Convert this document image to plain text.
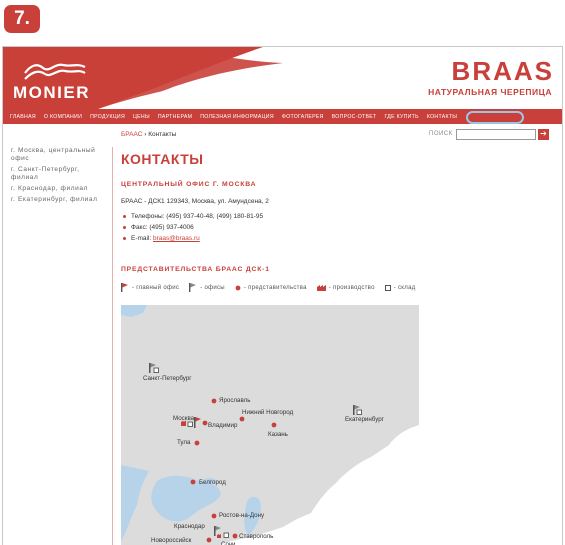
7.
MONIER
BRAAS
НАТУРАЛЬНАЯ ЧЕРЕПИЦА
ГЛАВНАЯ О КОМПАНИИ ПРОДУКЦИЯ ЦЕНЫ ПАРТНЕРАМ ПОЛЕЗНАЯ ИНФОРМАЦИЯ ФОТОГАЛЕРЕЯ ВОПРОС-ОТВЕТ ГДЕ КУПИТЬ КОНТАКТЫ
БРААС › Контакты	ПОИСК	➔
г. Москва, центральный офис
г. Санкт-Петербург, филиал
г. Краснодар, филиал
г. Екатеринбург, филиал
КОНТАКТЫ
ЦЕНТРАЛЬНЫЙ ОФИС Г. МОСКВА
БРААС - ДСК1 129343, Москва, ул. Амундсена, 2
Телефоны: (495) 937-40-48, (499) 180-81-95
Факс: (495) 937-4006
E-mail: braas@braas.ru
ПРЕДСТАВИТЕЛЬСТВА БРААС ДСК-1
- главный офис	- офисы	- представительства	- производство	- склад
Санкт-Петербург
Ярославль
Москва
Нижний Новгород
Екатеринбург
Владимир
Казань
Тула
Белгород
Ростов-на-Дону
Краснодар
Новороссийск
Ставрополь
Сочи
